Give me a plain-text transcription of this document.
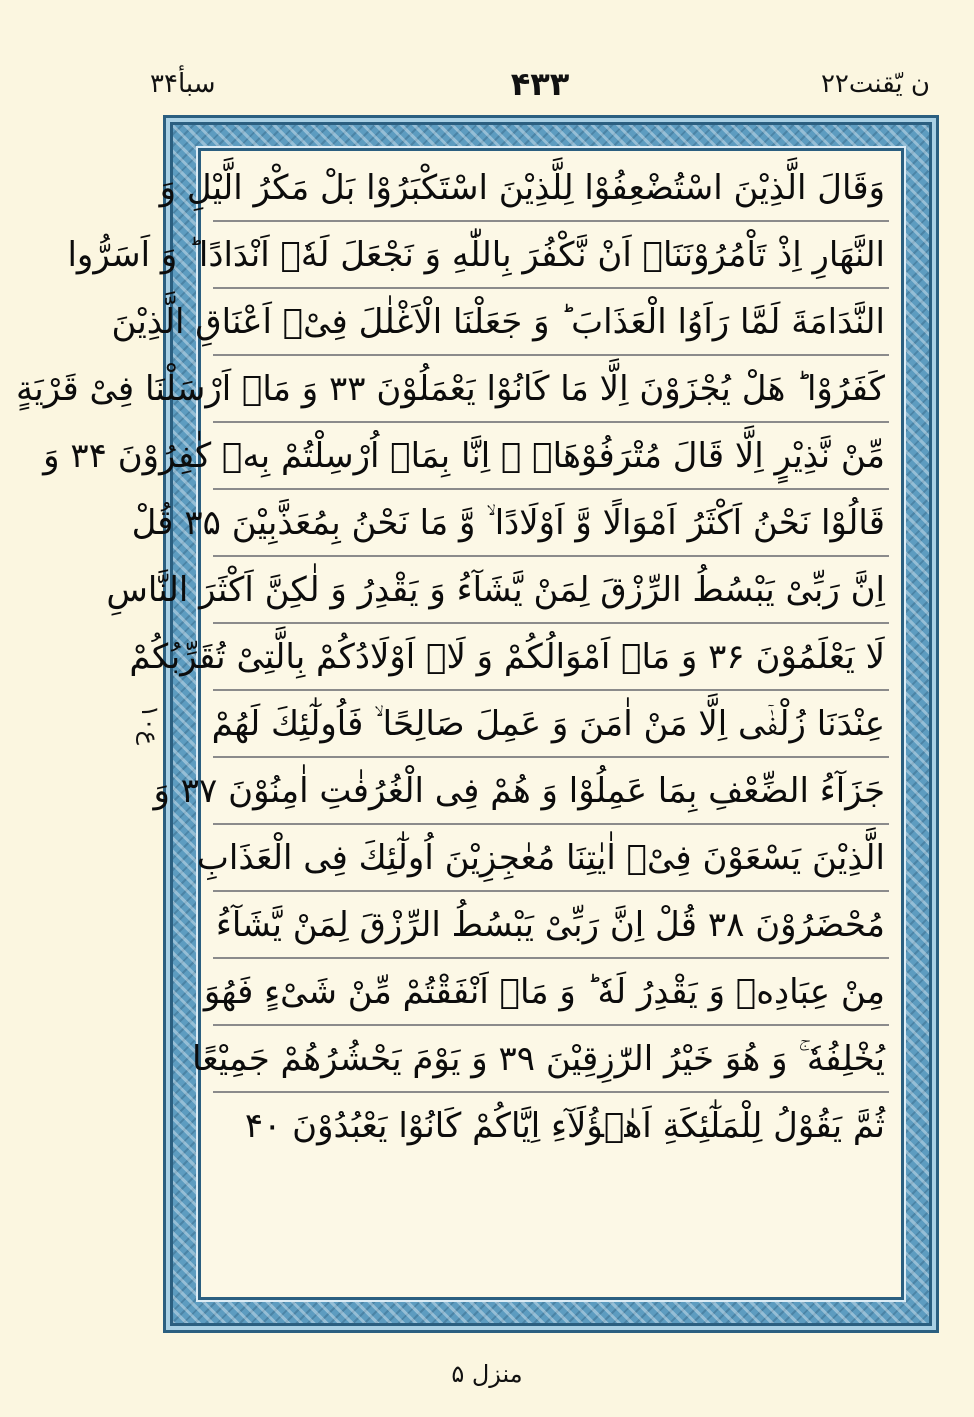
سبأ۳۴	۴۳۳	ن یّقنت۲۲
وَقَالَ الَّذِیْنَ اسْتُضْعِفُوْا لِلَّذِیْنَ اسْتَكْبَرُوْا بَلْ مَكْرُ الَّیْلِ وَ
النَّهَارِ اِذْ تَاْمُرُوْنَنَاۤ اَنْ نَّكْفُرَ بِاللّٰهِ وَ نَجْعَلَ لَهٗۤ اَنْدَادًا ؕ وَ اَسَرُّوا
النَّدَامَةَ لَمَّا رَاَوُا الْعَذَابَ ؕ وَ جَعَلْنَا الْاَغْلٰلَ فِیْۤ اَعْنَاقِ الَّذِیْنَ
كَفَرُوْا ؕ هَلْ یُجْزَوْنَ اِلَّا مَا كَانُوْا یَعْمَلُوْنَ ۳۳ وَ مَاۤ اَرْسَلْنَا فِیْ قَرْیَةٍ
مِّنْ نَّذِیْرٍ اِلَّا قَالَ مُتْرَفُوْهَاۤ ۙ اِنَّا بِمَاۤ اُرْسِلْتُمْ بِهٖ كٰفِرُوْنَ ۳۴ وَ
قَالُوْا نَحْنُ اَكْثَرُ اَمْوَالًا وَّ اَوْلَادًا ۙ وَّ مَا نَحْنُ بِمُعَذَّبِیْنَ ۳۵ قُلْ
اِنَّ رَبِّیْ یَبْسُطُ الرِّزْقَ لِمَنْ یَّشَآءُ وَ یَقْدِرُ وَ لٰكِنَّ اَكْثَرَ النَّاسِ
لَا یَعْلَمُوْنَ ۳۶ وَ مَاۤ اَمْوَالُكُمْ وَ لَاۤ اَوْلَادُكُمْ بِالَّتِیْ تُقَرِّبُكُمْ
عِنْدَنَا زُلْفٰۤی اِلَّا مَنْ اٰمَنَ وَ عَمِلَ صَالِحًا ۙ فَاُولٰٓئِكَ لَهُمْ
جَزَآءُ الضِّعْفِ بِمَا عَمِلُوْا وَ هُمْ فِی الْغُرُفٰتِ اٰمِنُوْنَ ۳۷ وَ
الَّذِیْنَ یَسْعَوْنَ فِیْۤ اٰیٰتِنَا مُعٰجِزِیْنَ اُولٰٓئِكَ فِی الْعَذَابِ
مُحْضَرُوْنَ ۳۸ قُلْ اِنَّ رَبِّیْ یَبْسُطُ الرِّزْقَ لِمَنْ یَّشَآءُ
مِنْ عِبَادِهٖ وَ یَقْدِرُ لَهٗ ؕ وَ مَاۤ اَنْفَقْتُمْ مِّنْ شَیْءٍ فَهُوَ
یُخْلِفُهٗ ۚ وَ هُوَ خَیْرُ الرّٰزِقِیْنَ ۳۹ وَ یَوْمَ یَحْشُرُهُمْ جَمِیْعًا
ثُمَّ یَقُوْلُ لِلْمَلٰٓئِكَةِ اَهٰۤؤُلَآءِ اِیَّاكُمْ كَانُوْا یَعْبُدُوْنَ ۴۰
ع۱۰
منزل ۵
